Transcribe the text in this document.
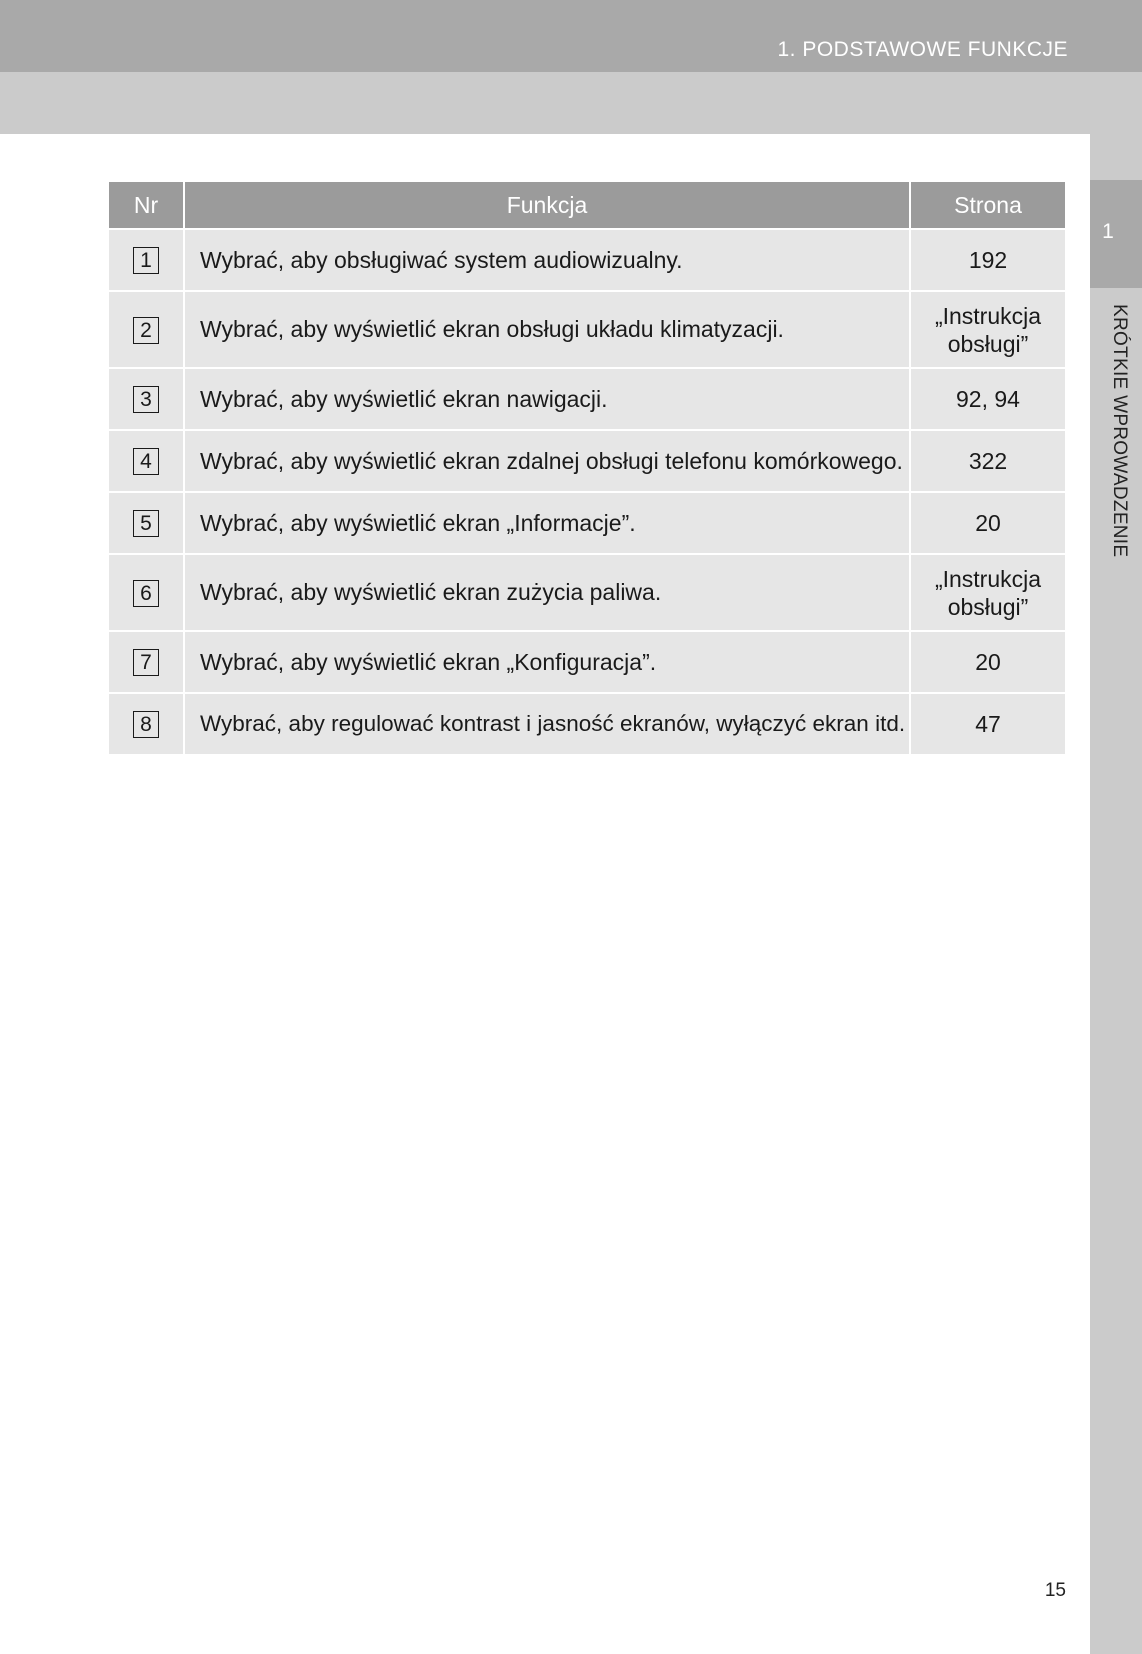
1. PODSTAWOWE FUNKCJE
1
KRÓTKIE WPROWADZENIE
Nr	Funkcja	Strona
1	Wybrać, aby obsługiwać system audiowizualny.	192
2	Wybrać, aby wyświetlić ekran obsługi układu klimatyzacji.	„Instrukcja
obsługi”
3	Wybrać, aby wyświetlić ekran nawigacji.	92, 94
4	Wybrać, aby wyświetlić ekran zdalnej obsługi telefonu komórkowego.	322
5	Wybrać, aby wyświetlić ekran „Informacje”.	20
6	Wybrać, aby wyświetlić ekran zużycia paliwa.	„Instrukcja
obsługi”
7	Wybrać, aby wyświetlić ekran „Konfiguracja”.	20
8	Wybrać, aby regulować kontrast i jasność ekranów, wyłączyć ekran itd.	47
15
